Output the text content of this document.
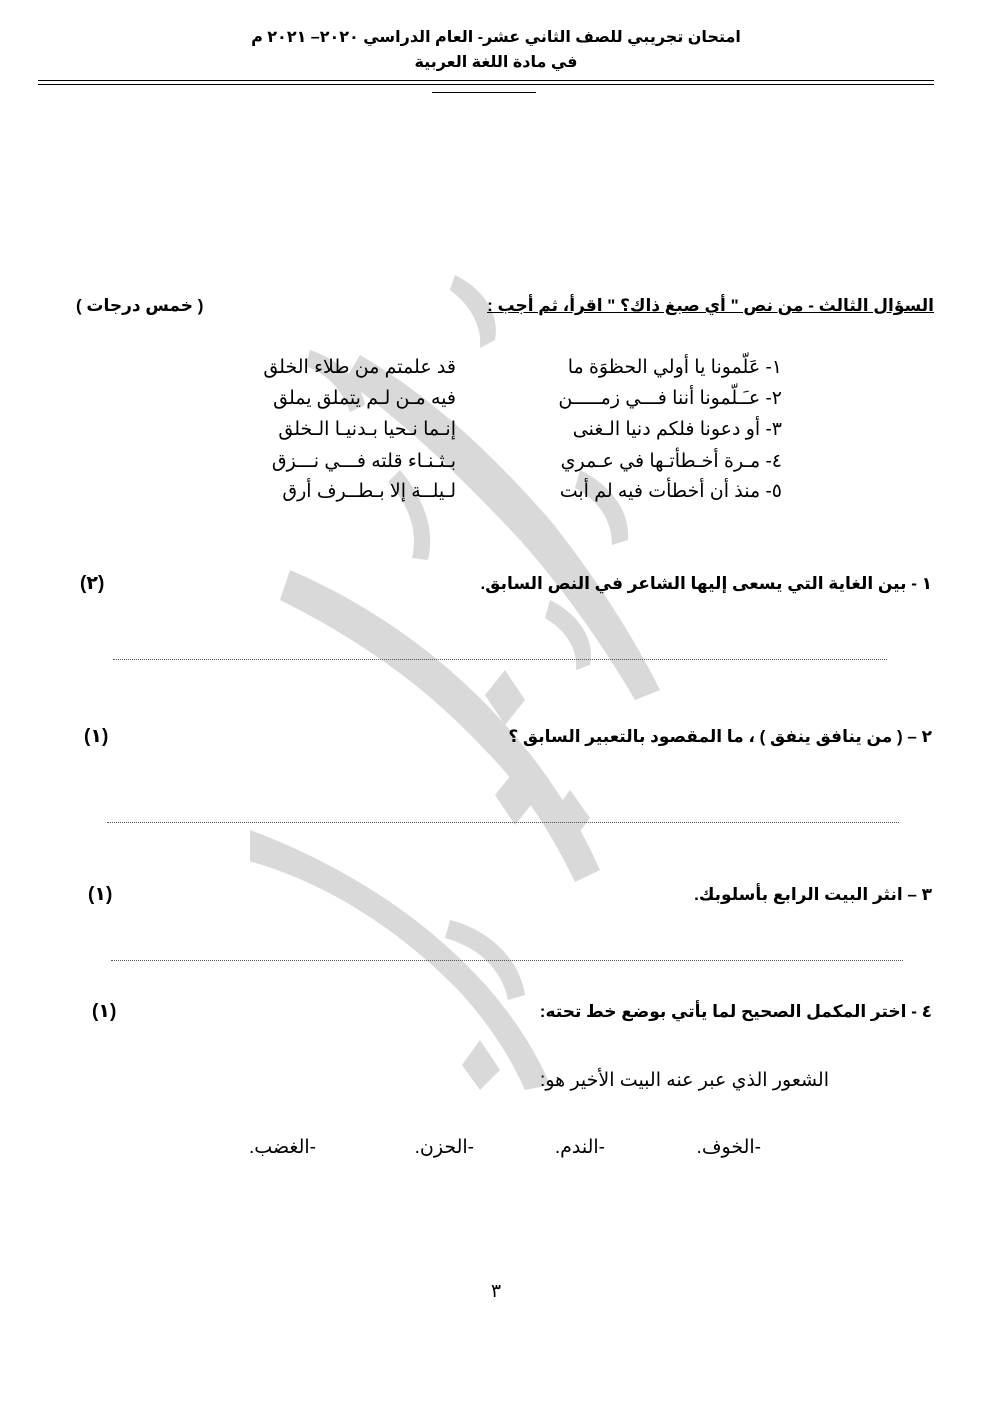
امتحان تجريبي للصف الثاني عشر- العام الدراسي ٢٠٢٠– ٢٠٢١ م
في مادة اللغة العربية
السؤال الثالث - من نص " أي صبغ ذاك؟ " اقرأ، ثم أجب :
( خمس درجات )
١- عَلّمونا يا أولي الحظوَة ما
قد علمتم من طلاء الخلق
٢- عـَـلّمونا أننا فـــي زمـــــن
فيه مـن لـم يتملق يملق
٣- أو دعونا فلكم دنيا الـغنى
إنـما نـحيا بـدنيـا الـخلق
٤- مـرة أخـطأتـها في عـمري
بـثـنـاء قلته فـــي نـــزق
٥- منذ أن أخطأت فيه لم أبت
لـيلــة إلا بـطــرف أرق
١ - بين الغاية التي يسعى إليها الشاعر في النص السابق.
(٢)
٢ – ( من ينافق ينفق ) ، ما المقصود بالتعبير السابق ؟
(١)
٣ – انثر البيت الرابع بأسلوبك.
(١)
٤ - اختر المكمل الصحيح لما يأتي بوضع خط تحته:
(١)
الشعور الذي عبر عنه البيت الأخير هو:
-الخوف.
-الندم.
-الحزن.
-الغضب.
٣
